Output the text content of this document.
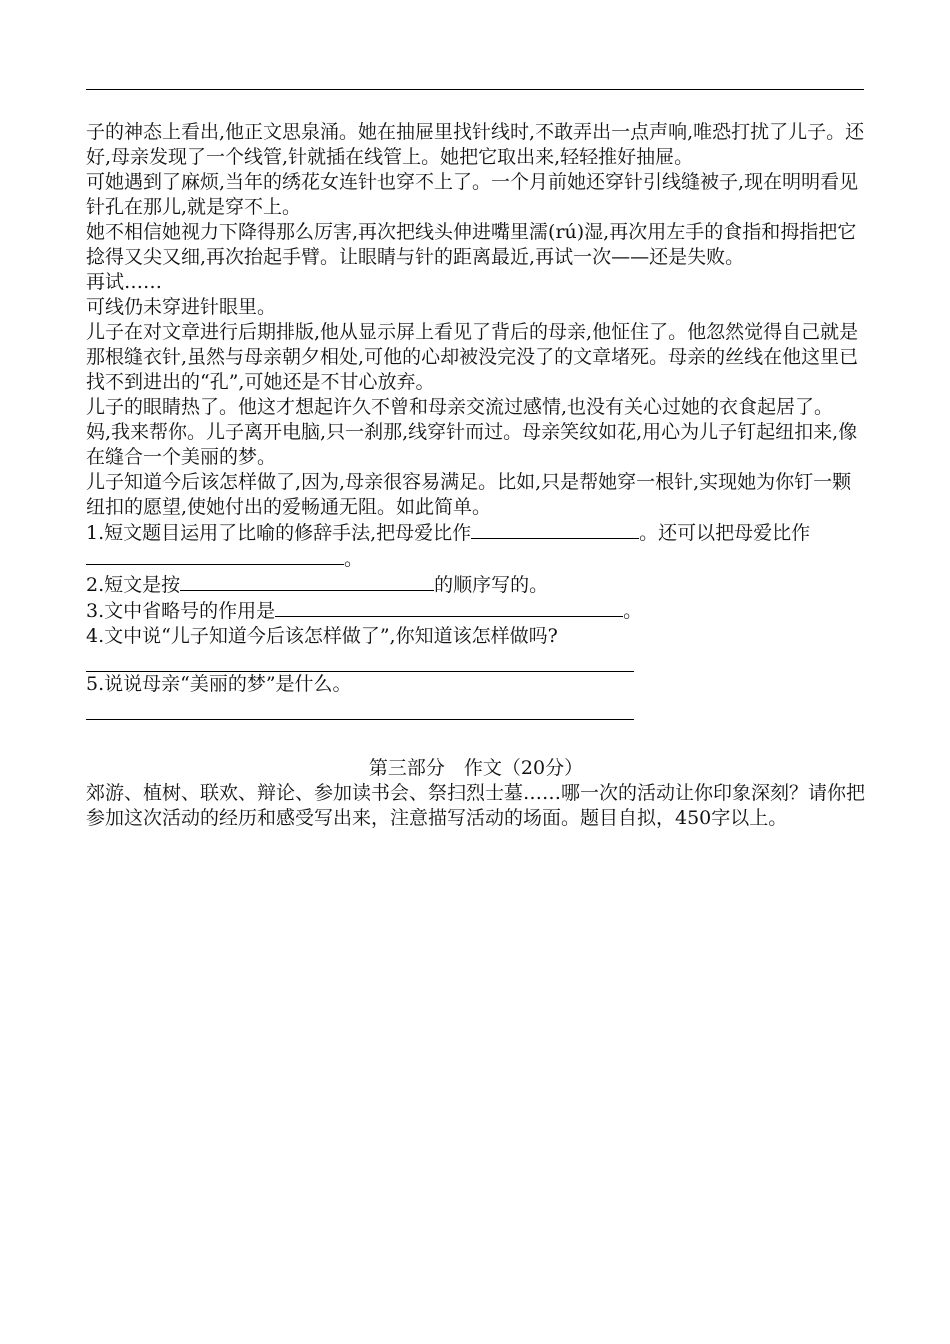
子的神态上看出,他正文思泉涌。她在抽屉里找针线时,不敢弄出一点声响,唯恐打扰了儿子。还好,母亲发现了一个线管,针就插在线管上。她把它取出来,轻轻推好抽屉。

可她遇到了麻烦,当年的绣花女连针也穿不上了。一个月前她还穿针引线缝被子,现在明明看见针孔在那儿,就是穿不上。

她不相信她视力下降得那么厉害,再次把线头伸进嘴里濡(rú)湿,再次用左手的食指和拇指把它捻得又尖又细,再次抬起手臂。让眼睛与针的距离最近,再试一次——还是失败。

再试……

可线仍未穿进针眼里。

儿子在对文章进行后期排版,他从显示屏上看见了背后的母亲,他怔住了。他忽然觉得自己就是那根缝衣针,虽然与母亲朝夕相处,可他的心却被没完没了的文章堵死。母亲的丝线在他这里已找不到进出的“孔”,可她还是不甘心放弃。

儿子的眼睛热了。他这才想起许久不曾和母亲交流过感情,也没有关心过她的衣食起居了。

妈,我来帮你。儿子离开电脑,只一刹那,线穿针而过。母亲笑纹如花,用心为儿子钉起纽扣来,像在缝合一个美丽的梦。

儿子知道今后该怎样做了,因为,母亲很容易满足。比如,只是帮她穿一根针,实现她为你钉一颗纽扣的愿望,使她付出的爱畅通无阻。如此简单。

1.短文题目运用了比喻的修辞手法,把母爱比作	。还可以把母爱比作。

2.短文是按	的顺序写的。

3.文中省略号的作用是	。

4.文中说“儿子知道今后该怎样做了”,你知道该怎样做吗?

5.说说母亲“美丽的梦”是什么。

第三部分　作文（20分）

郊游、植树、联欢、辩论、参加读书会、祭扫烈士墓……哪一次的活动让你印象深刻？请你把参加这次活动的经历和感受写出来，注意描写活动的场面。题目自拟，450字以上。
